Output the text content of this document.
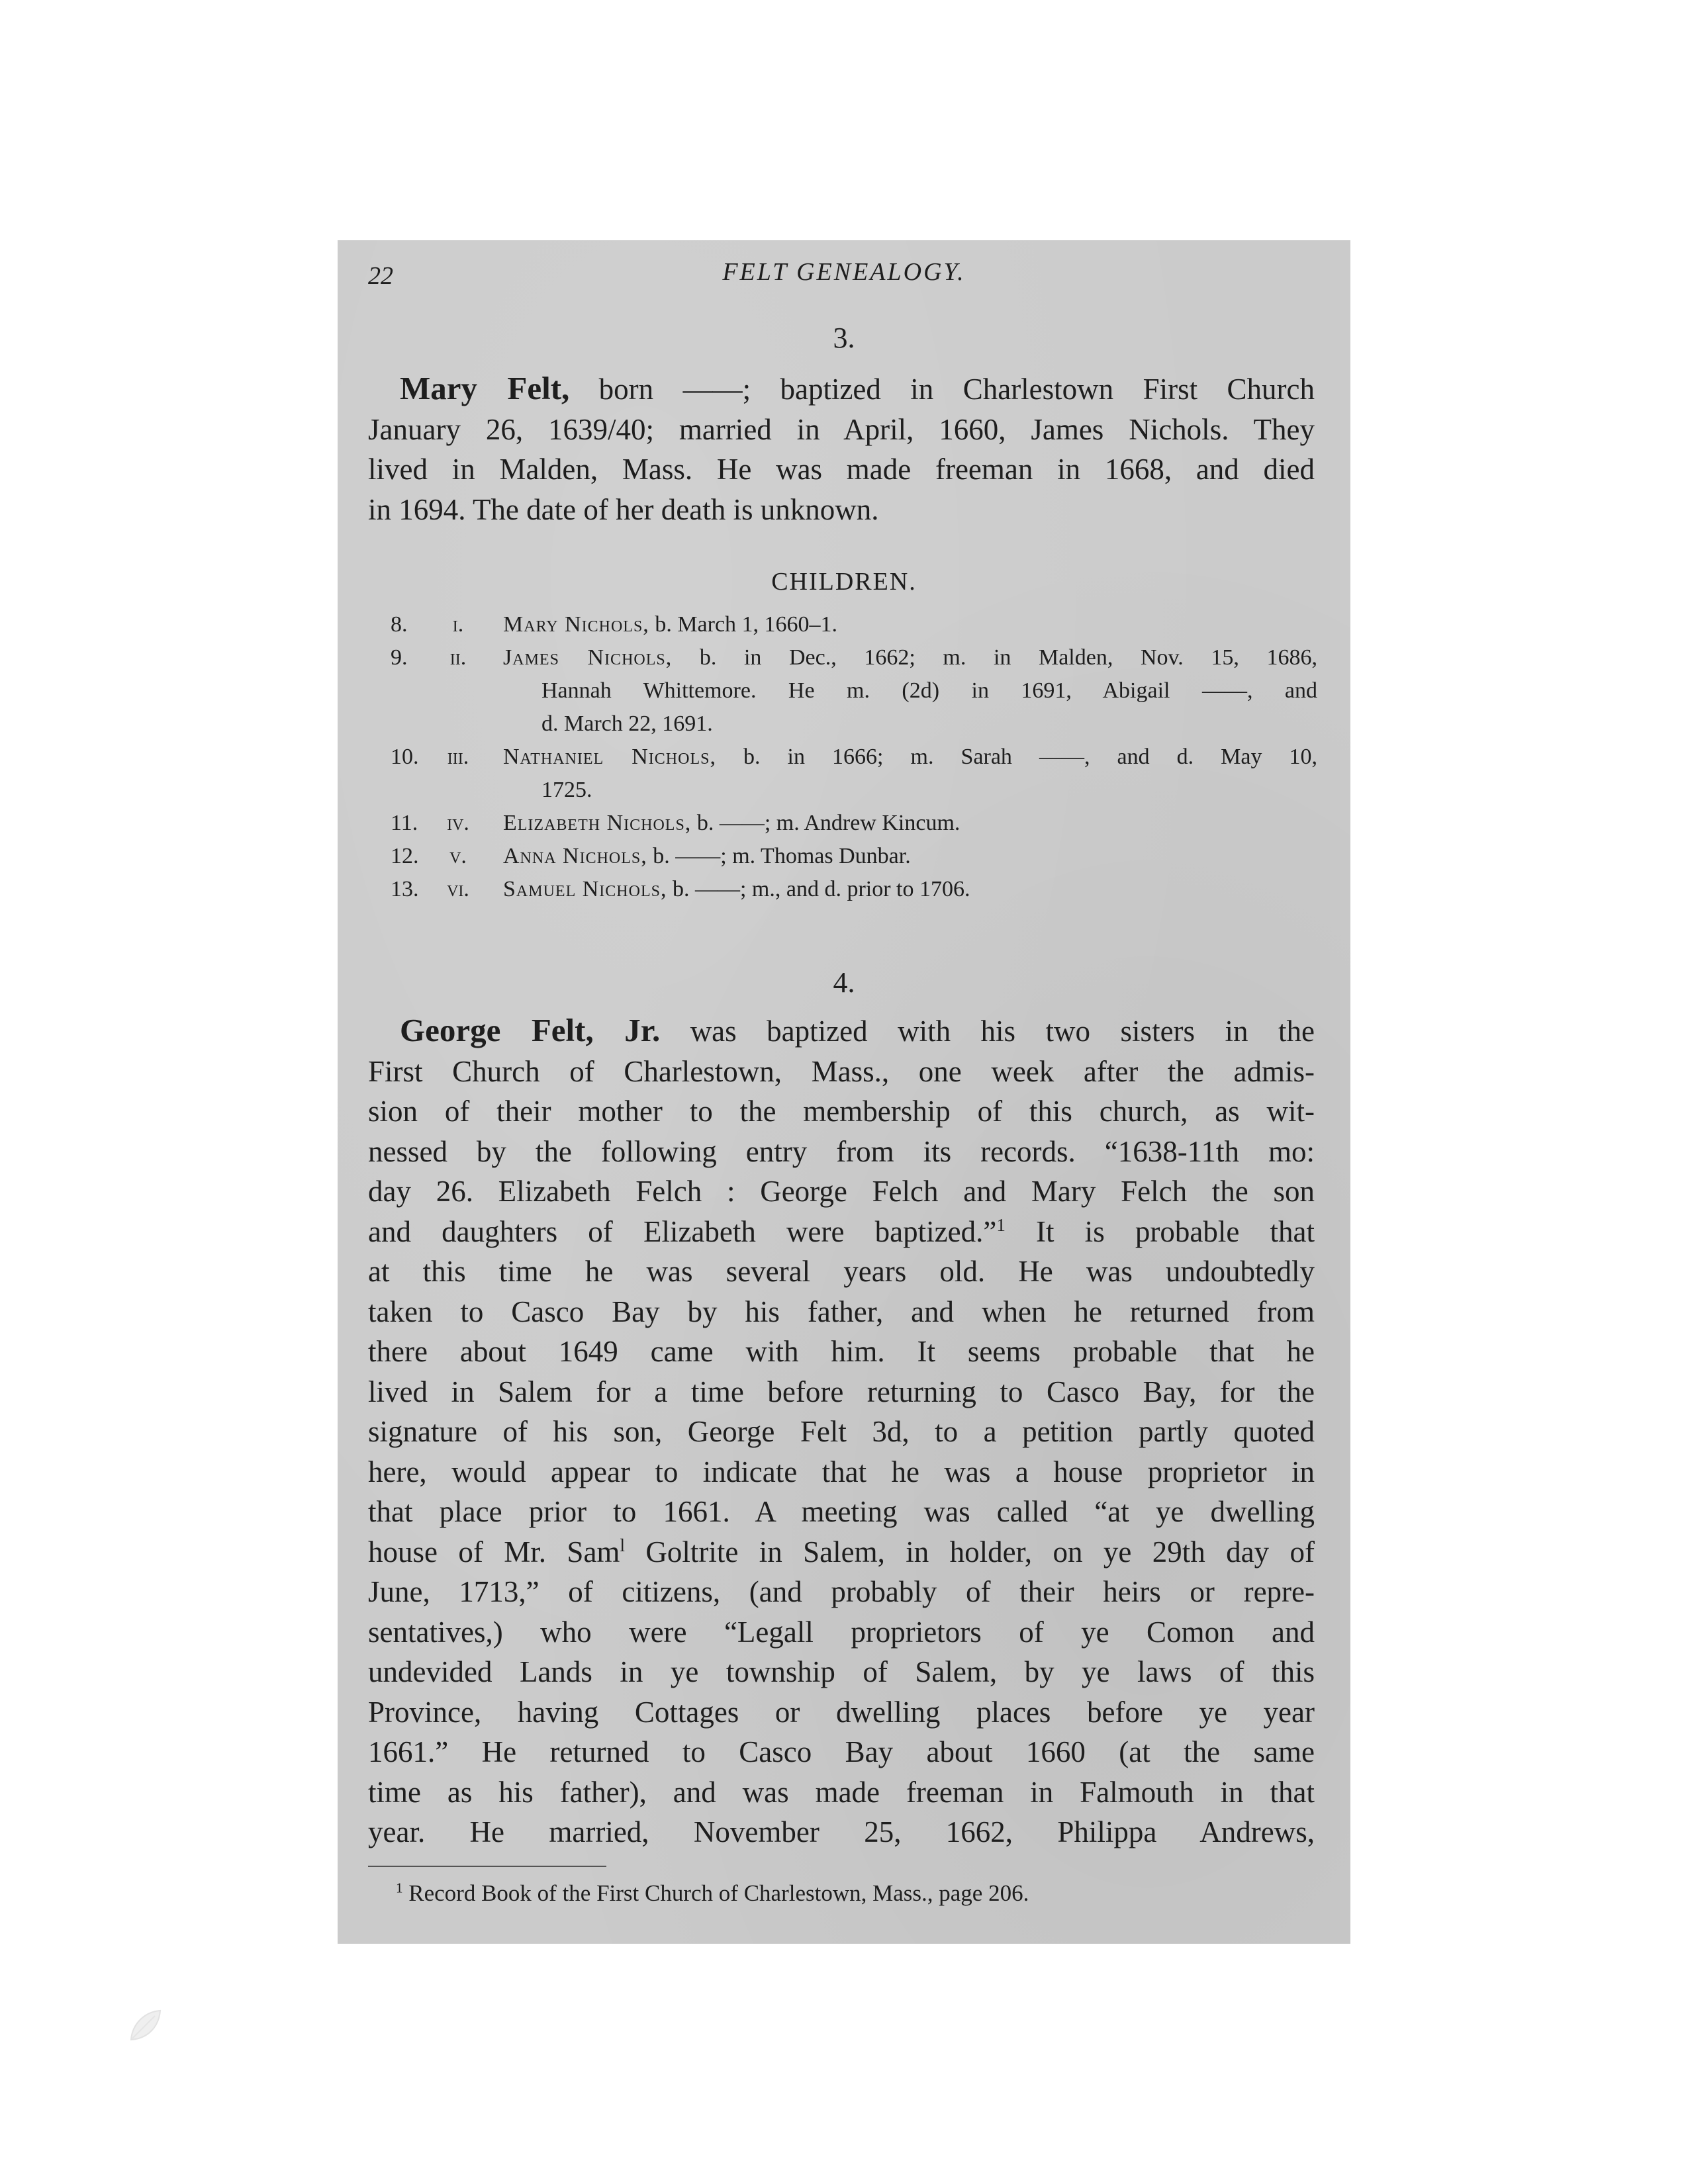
22	FELT GENEALOGY.
3.
Mary Felt, born ——; baptized in Charlestown First Church
January 26, 1639/40; married in April, 1660, James Nichols. They
lived in Malden, Mass. He was made freeman in 1668, and died
in 1694. The date of her death is unknown.
CHILDREN.
8.	i.	Mary Nichols, b. March 1, 1660–1.
9.	ii.	James Nichols, b. in Dec., 1662; m. in Malden, Nov. 15, 1686,
Hannah Whittemore. He m. (2d) in 1691, Abigail ——, and
d. March 22, 1691.
10.	iii.	Nathaniel Nichols, b. in 1666; m. Sarah ——, and d. May 10,
1725.
11.	iv.	Elizabeth Nichols, b. ——; m. Andrew Kincum.
12.	v.	Anna Nichols, b. ——; m. Thomas Dunbar.
13.	vi.	Samuel Nichols, b. ——; m., and d. prior to 1706.
4.
George Felt, Jr. was baptized with his two sisters in the
First Church of Charlestown, Mass., one week after the admis-
sion of their mother to the membership of this church, as wit-
nessed by the following entry from its records. “1638-11th mo:
day 26. Elizabeth Felch : George Felch and Mary Felch the son
and daughters of Elizabeth were baptized.”$^1$ It is probable that
at this time he was several years old. He was undoubtedly
taken to Casco Bay by his father, and when he returned from
there about 1649 came with him. It seems probable that he
lived in Salem for a time before returning to Casco Bay, for the
signature of his son, George Felt 3d, to a petition partly quoted
here, would appear to indicate that he was a house proprietor in
that place prior to 1661. A meeting was called “at ye dwelling
house of Mr. Sam$^l$ Goltrite in Salem, in holder, on ye 29th day of
June, 1713,” of citizens, (and probably of their heirs or repre-
sentatives,) who were “Legall proprietors of ye Comon and
undevided Lands in ye township of Salem, by ye laws of this
Province, having Cottages or dwelling places before ye year
1661.” He returned to Casco Bay about 1660 (at the same
time as his father), and was made freeman in Falmouth in that
year. He married, November 25, 1662, Philippa Andrews,
$^1$ Record Book of the First Church of Charlestown, Mass., page 206.
